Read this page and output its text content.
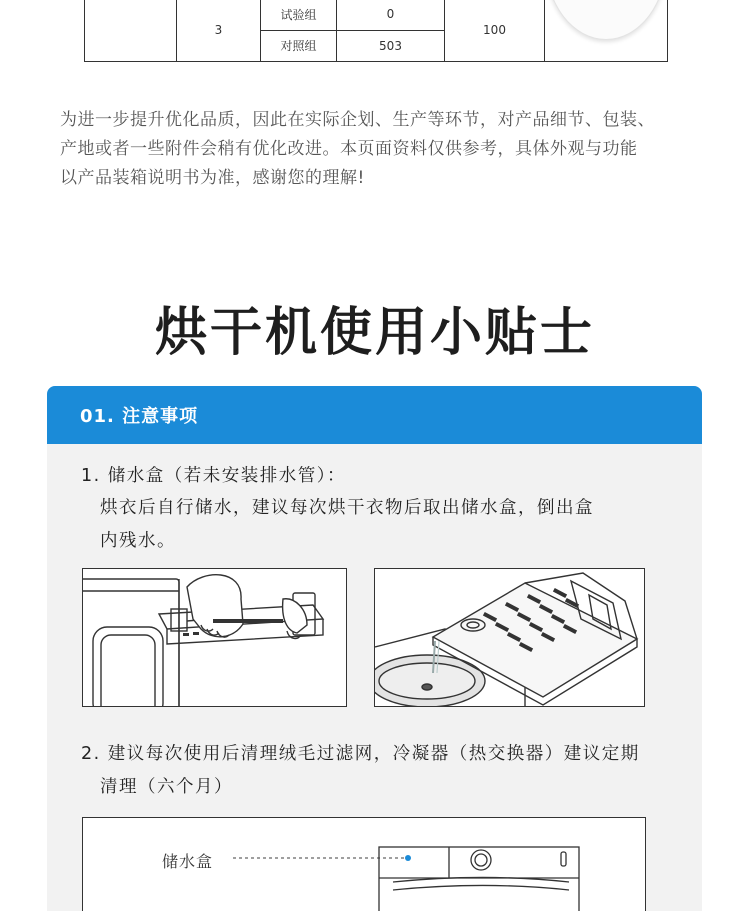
	3	试验组	0	100	
		对照组	503		
为进一步提升优化品质，因此在实际企划、生产等环节，对产品细节、包装、
产地或者一些附件会稍有优化改进。本页面资料仅供参考，具体外观与功能
以产品装箱说明书为准，感谢您的理解!
烘干机使用小贴士
01. 注意事项
1. 储水盒（若未安装排水管）：
烘衣后自行储水，建议每次烘干衣物后取出储水盒，倒出盒
内残水。
2. 建议每次使用后清理绒毛过滤网，冷凝器（热交换器）建议定期
清理（六个月）
储水盒
